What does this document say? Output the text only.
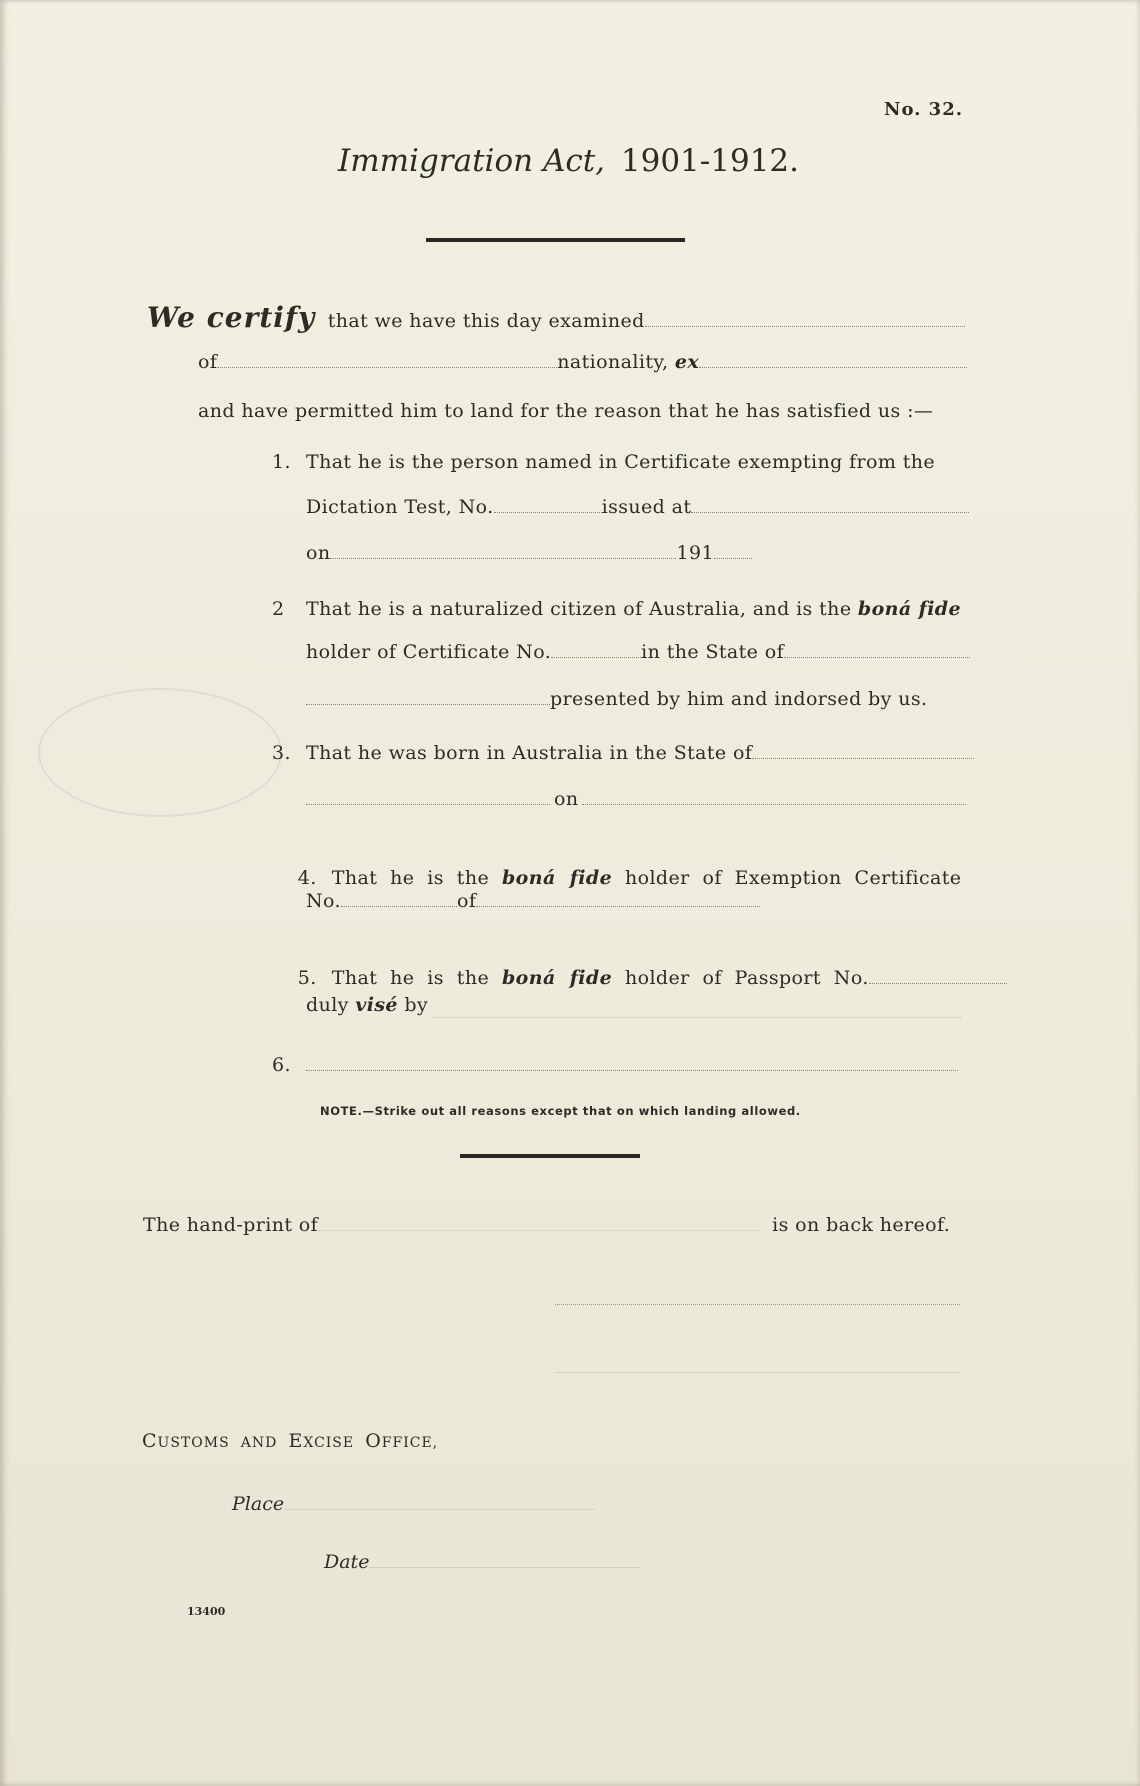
No. 32.
Immigration Act, 1901-1912.
We certify that we have this day examined
of	nationality, ex
and have permitted him to land for the reason that he has satisfied us :—
1. That he is the person named in Certificate exempting from the
Dictation Test, No.	issued at
on	191
2 That he is a naturalized citizen of Australia, and is the boná fide
holder of Certificate No.	in the State of
presented by him and indorsed by us.
3. That he was born in Australia in the State of
on

4. That  he  is  the boná  fide holder  of  Exemption  Certificate

No.	of

5. That  he  is  the boná  fide holder  of  Passport  No.

duly visé by
6.
NOTE.—Strike out all reasons except that on which landing allowed.
The hand-print of	is on back hereof.
CUSTOMS AND EXCISE OFFICE,
Place
Date
13400
